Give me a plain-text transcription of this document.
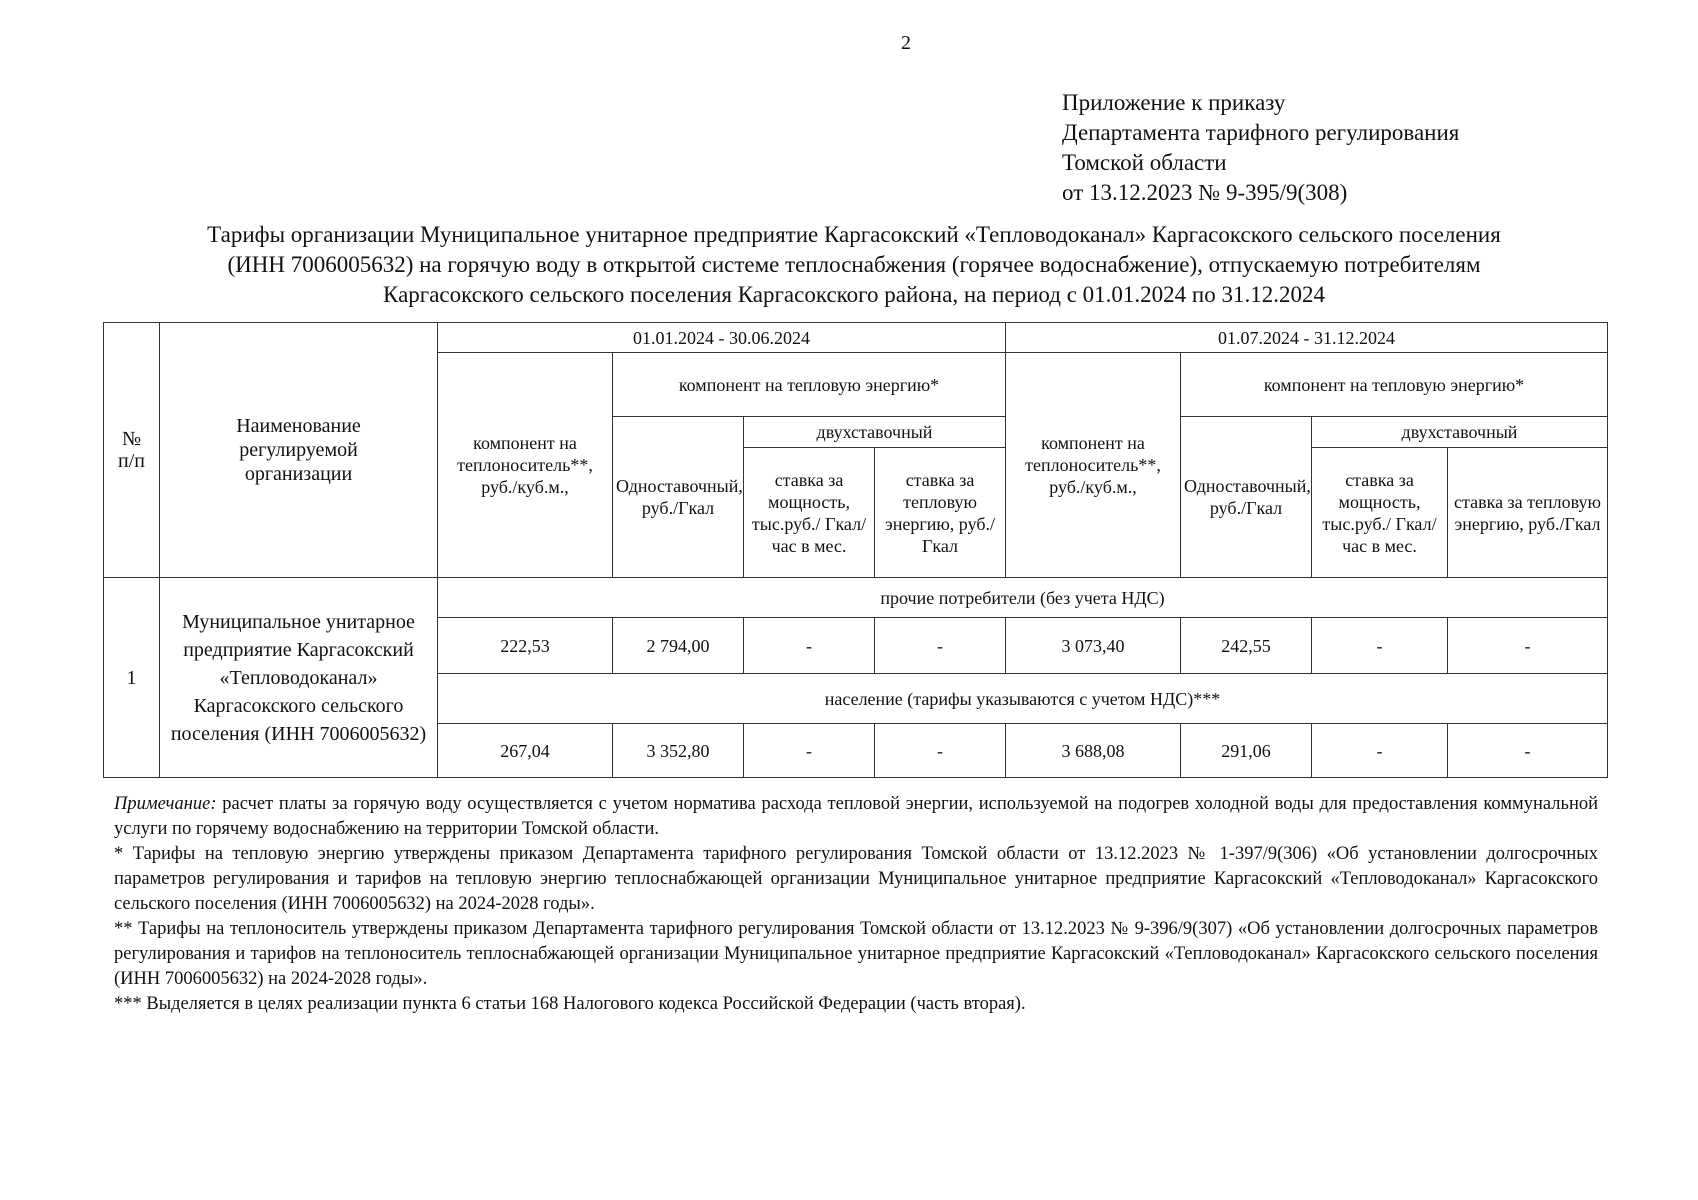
2
Приложение к приказу
Департамента тарифного регулирования
Томской области
от 13.12.2023 № 9-395/9(308)
Тарифы организации Муниципальное унитарное предприятие Каргасокский «Тепловодоканал» Каргасокского сельского поселения
(ИНН 7006005632) на горячую воду в открытой системе теплоснабжения (горячее водоснабжение), отпускаемую потребителям
Каргасокского сельского поселения Каргасокского района, на период с 01.01.2024 по 31.12.2024
№
п/п	Наименование регулируемой организации	01.01.2024 - 30.06.2024				01.07.2024 - 31.12.2024			
		компонент на теплоноситель**, руб./куб.м.,	компонент на тепловую энергию*			компонент на теплоноситель**, руб./куб.м.,	компонент на тепловую энергию*		
			Одноставочный, руб./Гкал	двухставочный			Одноставочный, руб./Гкал	двухставочный	
				ставка за мощность, тыс.руб./ Гкал/час в мес.	ставка за тепловую энергию, руб./Гкал			ставка за мощность, тыс.руб./ Гкал/час в мес.	ставка за тепловую энергию, руб./Гкал
1	Муниципальное унитарное предприятие Каргасокский «Тепловодоканал» Каргасокского сельского поселения (ИНН 7006005632)	прочие потребители (без учета НДС)							
		222,53	2 794,00	-	-	3 073,40	242,55	-	-
		население (тарифы указываются с учетом НДС)***							
		267,04	3 352,80	-	-	3 688,08	291,06	-	-

Примечание: расчет платы за горячую воду осуществляется с учетом норматива расхода тепловой энергии, используемой на подогрев холодной воды для предоставления коммунальной услуги по горячему водоснабжению на территории Томской области.

* Тарифы на тепловую энергию утверждены приказом Департамента тарифного регулирования Томской области от 13.12.2023 № 1-397/9(306) «Об установлении долгосрочных параметров регулирования и тарифов на тепловую энергию теплоснабжающей организации Муниципальное унитарное предприятие Каргасокский «Тепловодоканал» Каргасокского сельского поселения (ИНН 7006005632) на 2024-2028 годы».

** Тарифы на теплоноситель утверждены приказом Департамента тарифного регулирования Томской области от 13.12.2023 № 9-396/9(307) «Об установлении долгосрочных параметров регулирования и тарифов на теплоноситель теплоснабжающей организации Муниципальное унитарное предприятие Каргасокский «Тепловодоканал» Каргасокского сельского поселения (ИНН 7006005632) на 2024-2028 годы».

*** Выделяется в целях реализации пункта 6 статьи 168 Налогового кодекса Российской Федерации (часть вторая).
